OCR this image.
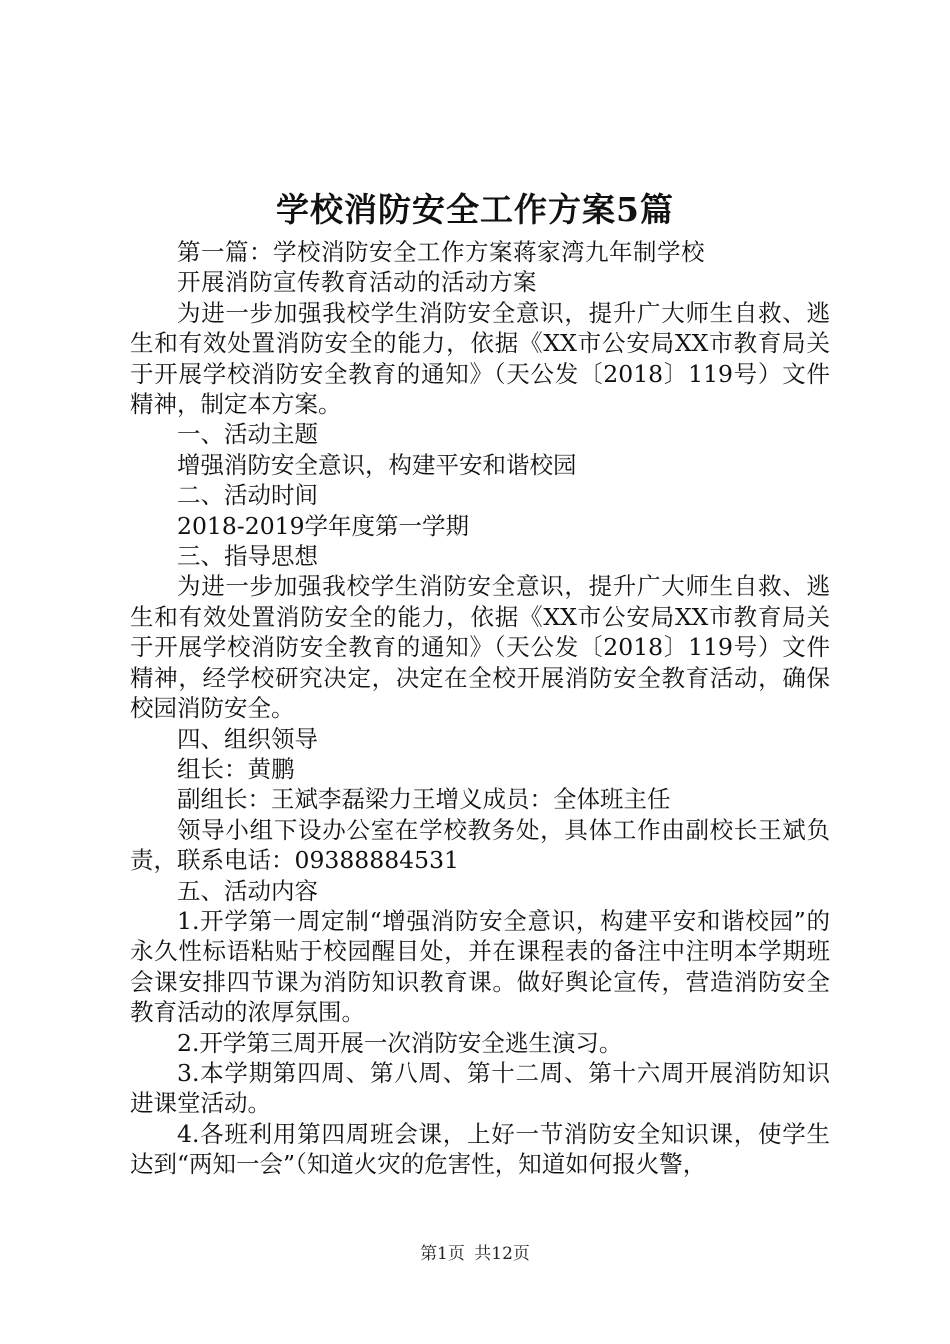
学校消防安全工作方案5篇

第一篇：学校消防安全工作方案蒋家湾九年制学校

开展消防宣传教育活动的活动方案

为进一步加强我校学生消防安全意识，提升广大师生自救、逃生和有效处置消防安全的能力，依据《XX市公安局XX市教育局关于开展学校消防安全教育的通知》（天公发〔2018〕119号）文件精神，制定本方案。

一、活动主题

增强消防安全意识，构建平安和谐校园

二、活动时间

2018-2019学年度第一学期

三、指导思想

为进一步加强我校学生消防安全意识，提升广大师生自救、逃生和有效处置消防安全的能力，依据《XX市公安局XX市教育局关于开展学校消防安全教育的通知》（天公发〔2018〕119号）文件精神，经学校研究决定，决定在全校开展消防安全教育活动，确保校园消防安全。

四、组织领导

组长：黄鹏

副组长：王斌李磊梁力王增义成员：全体班主任

领导小组下设办公室在学校教务处，具体工作由副校长王斌负责，联系电话：09388884531

五、活动内容

1.开学第一周定制“增强消防安全意识，构建平安和谐校园”的永久性标语粘贴于校园醒目处，并在课程表的备注中注明本学期班会课安排四节课为消防知识教育课。做好舆论宣传，营造消防安全教育活动的浓厚氛围。

2.开学第三周开展一次消防安全逃生演习。

3.本学期第四周、第八周、第十二周、第十六周开展消防知识进课堂活动。

4.各班利用第四周班会课，上好一节消防安全知识课，使学生达到“两知一会”（知道火灾的危害性，知道如何报火警，

第1页 共12页
